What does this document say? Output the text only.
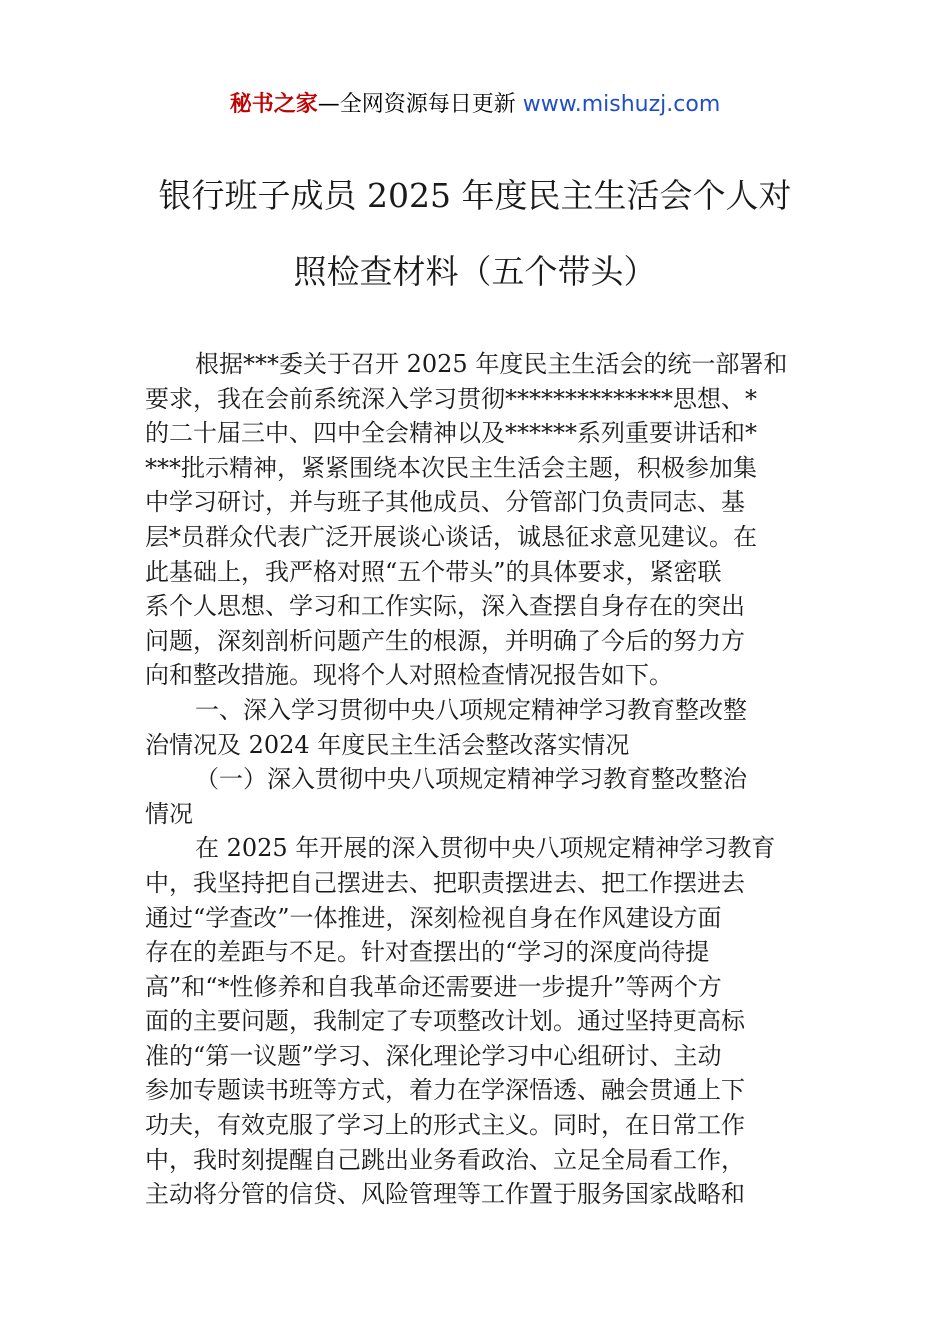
秘书之家—全网资源每日更新 www.mishuzj.com
银行班子成员 2025 年度民主生活会个人对
照检查材料（五个带头）
根据***委关于召开 2025 年度民主生活会的统一部署和
要求，我在会前系统深入学习贯彻**************思想、*
的二十届三中、四中全会精神以及******系列重要讲话和*
***批示精神，紧紧围绕本次民主生活会主题，积极参加集
中学习研讨，并与班子其他成员、分管部门负责同志、基
层*员群众代表广泛开展谈心谈话，诚恳征求意见建议。在
此基础上，我严格对照“五个带头”的具体要求，紧密联
系个人思想、学习和工作实际，深入查摆自身存在的突出
问题，深刻剖析问题产生的根源，并明确了今后的努力方
向和整改措施。现将个人对照检查情况报告如下。
一、深入学习贯彻中央八项规定精神学习教育整改整
治情况及 2024 年度民主生活会整改落实情况
（一）深入贯彻中央八项规定精神学习教育整改整治
情况
在 2025 年开展的深入贯彻中央八项规定精神学习教育
中，我坚持把自己摆进去、把职责摆进去、把工作摆进去
通过“学查改”一体推进，深刻检视自身在作风建设方面
存在的差距与不足。针对查摆出的“学习的深度尚待提
高”和“*性修养和自我革命还需要进一步提升”等两个方
面的主要问题，我制定了专项整改计划。通过坚持更高标
准的“第一议题”学习、深化理论学习中心组研讨、主动
参加专题读书班等方式，着力在学深悟透、融会贯通上下
功夫，有效克服了学习上的形式主义。同时，在日常工作
中，我时刻提醒自己跳出业务看政治、立足全局看工作，
主动将分管的信贷、风险管理等工作置于服务国家战略和
